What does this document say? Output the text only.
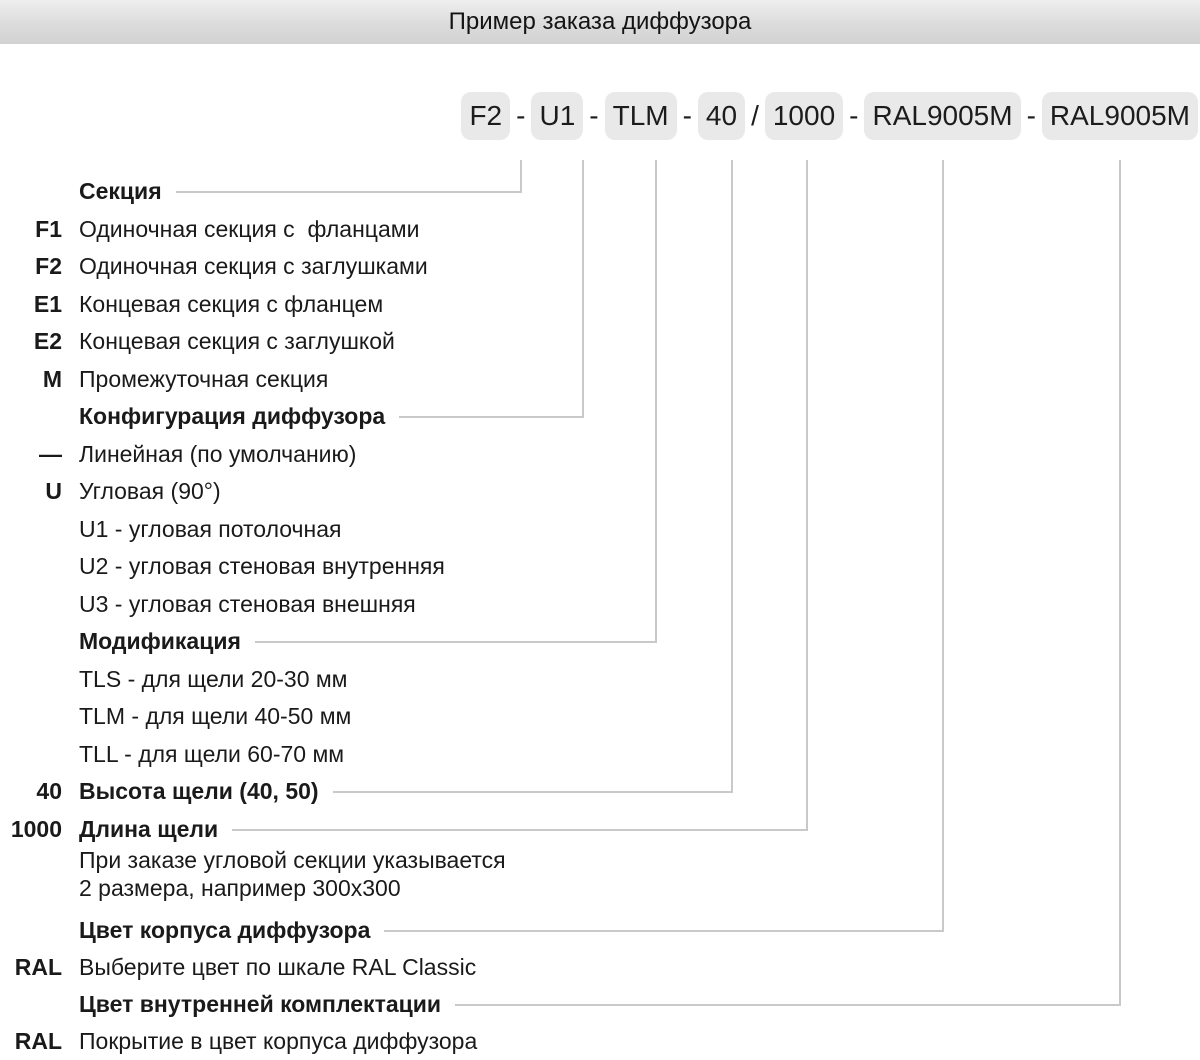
Пример заказа диффузора
F2 - U1 - TLM - 40 / 1000 - RAL9005M - RAL9005M
Секция
F1 Одиночная секция с  фланцами
F2 Одиночная секция с заглушками
E1 Концевая секция с фланцем
E2 Концевая секция с заглушкой
M Промежуточная секция
Конфигурация диффузора
— Линейная (по умолчанию)
U Угловая (90°)
U1 - угловая потолочная
U2 - угловая стеновая внутренняя
U3 - угловая стеновая внешняя
Модификация
TLS - для щели 20-30 мм
TLM - для щели 40-50 мм
TLL - для щели 60-70 мм
40 Высота щели (40, 50)
1000 Длина щели
При заказе угловой секции указывается
2 размера, например 300х300
Цвет корпуса диффузора
RAL Выберите цвет по шкале RAL Classic
Цвет внутренней комплектации
RAL Покрытие в цвет корпуса диффузора
